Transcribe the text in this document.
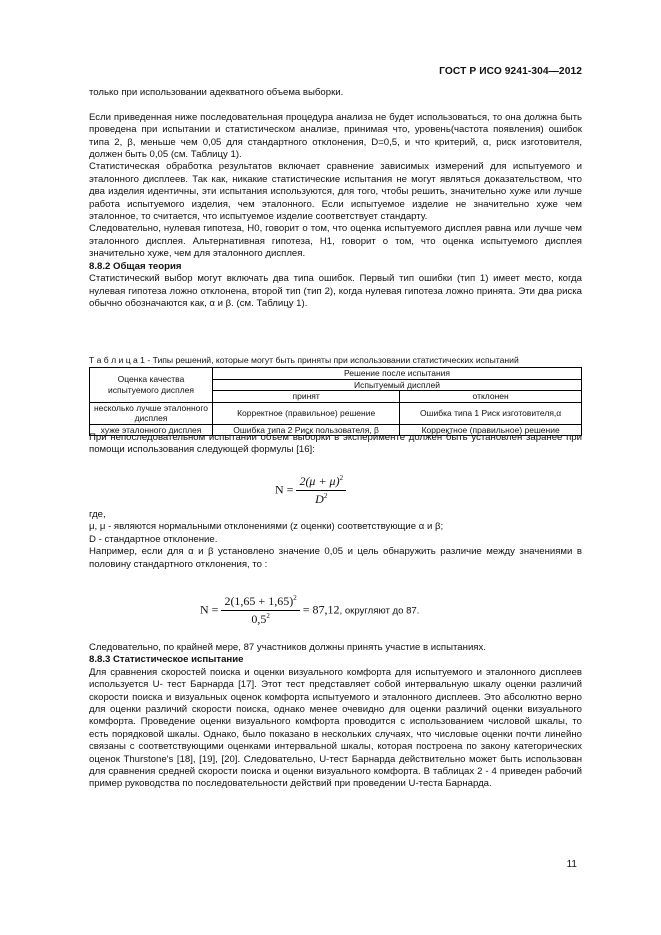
ГОСТ Р ИСО 9241-304—2012

только при использовании адекватного объема выборки.

Если приведенная ниже последовательная процедура анализа не будет использоваться, то она должна быть проведена при испытании и статистическом анализе, принимая что, уровень(частота появления) ошибок типа 2, β, меньше чем 0,05 для стандартного отклонения, D=0,5, и что критерий, α, риск изготовителя, должен быть 0,05 (см. Таблицу 1).

Статистическая обработка результатов включает сравнение зависимых измерений для испытуемого и эталонного дисплеев. Так как, никакие статистические испытания не могут являться доказательством, что два изделия идентичны, эти испытания используются, для того, чтобы решить, значительно хуже или лучше работа испытуемого изделия, чем эталонного. Если испытуемое изделие не значительно хуже чем эталонное, то считается, что испытуемое изделие соответствует стандарту.

Следовательно, нулевая гипотеза, H0, говорит о том, что оценка испытуемого дисплея равна или лучше чем эталонного дисплея. Альтернативная гипотеза, H1, говорит о том, что оценка испытуемого дисплея значительно хуже, чем для эталонного дисплея.

8.8.2 Общая теория

Статистический выбор могут включать два типа ошибок. Первый тип ошибки (тип 1) имеет место, когда нулевая гипотеза ложно отклонена, второй тип (тип 2), когда нулевая гипотеза ложно принята. Эти два риска обычно обозначаются как, α и β. (см. Таблицу 1).

Т а б л и ц а 1 - Типы решений, которые могут быть приняты при использовании статистических испытаний
Оценка качества испытуемого дисплея	Решение после испытания	
	Испытуемый дисплей	
	принят	отклонен
несколько лучше эталонного дисплея	Корректное (правильное) решение	Ошибка типа 1 Риск изготовителя,α
хуже эталонного дисплея	Ошибка типа 2 Риск пользователя, β	Корректное (правильное) решение

При непоследовательном испытании объем выборки в эксперименте должен быть установлен заранее при помощи использования следующей формулы [16]:

$N = \frac{2(\mu + \mu)^2}{D^2}$

где,

μ, μ - являются нормальными отклонениями (z оценки) соответствующие α и β;

D - стандартное отклонение.

Например, если для α и β установлено значение 0,05 и цель обнаружить различие между значениями в половину стандартного отклонения, то :

$N = \frac{2(1,65 + 1,65)^2}{0,5^2} = 87,12$, округляют до 87.

Следовательно, по крайней мере, 87 участников должны принять участие в испытаниях.

8.8.3 Статистическое испытание

Для сравнения скоростей поиска и оценки визуального комфорта для испытуемого и эталонного дисплеев используется U- тест Барнарда [17]. Этот тест представляет собой интервальную шкалу оценки различий скорости поиска и визуальных оценок комфорта испытуемого и эталонного дисплеев. Это абсолютно верно для оценки различий скорости поиска, однако менее очевидно для оценки различий оценки визуального комфорта. Проведение оценки визуального комфорта проводится с использованием числовой шкалы, то есть порядковой шкалы. Однако, было показано в нескольких случаях, что числовые оценки почти линейно связаны с соответствующими оценками интервальной шкалы, которая построена по закону категорических оценок Thurstone's [18], [19], [20]. Следовательно, U-тест Барнарда действительно может быть использован для сравнения средней скорости поиска и оценки визуального комфорта. В таблицах 2 - 4 приведен рабочий пример руководства по последовательности действий при проведении U-теста Барнарда.

11
